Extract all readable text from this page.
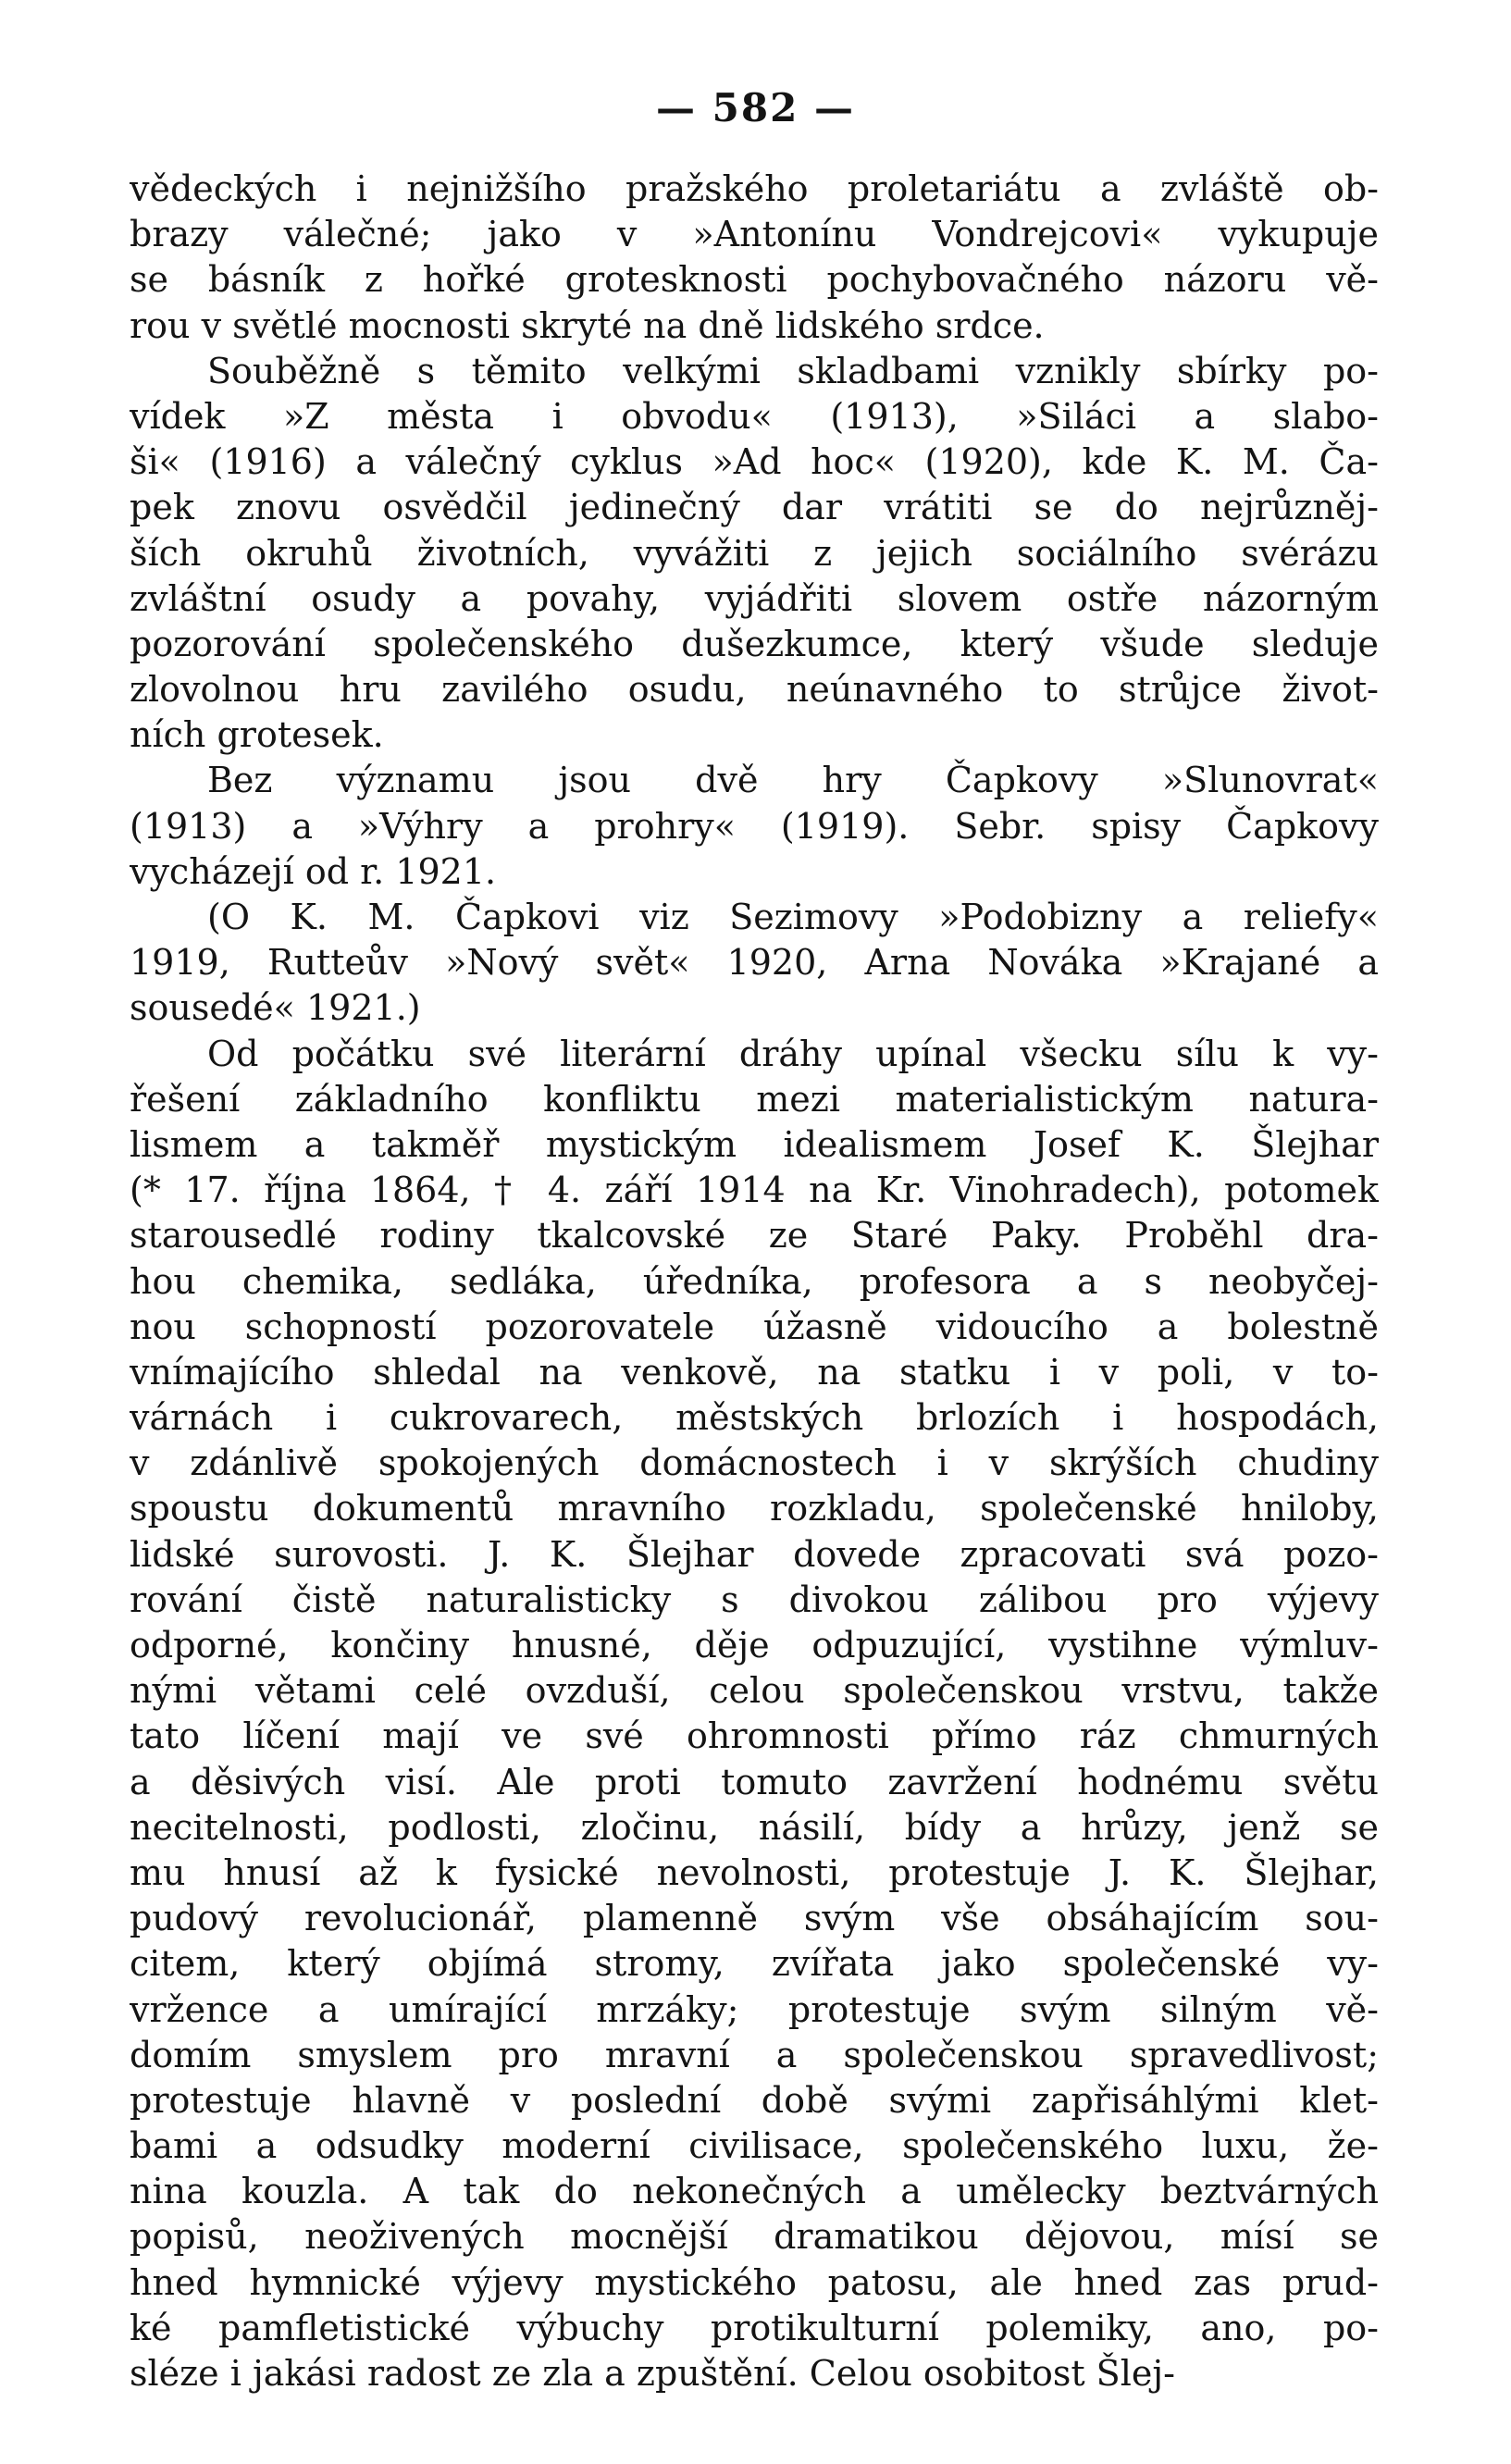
— 582 —
vědeckých i nejnižšího pražského proletariátu a zvláště ob-
brazy válečné; jako v »Antonínu Vondrejcovi« vykupuje
se básník z hořké grotesknosti pochybovačného názoru vě-
rou v světlé mocnosti skryté na dně lidského srdce.
Souběžně s těmito velkými skladbami vznikly sbírky po-
vídek »Z města i obvodu« (1913), »Siláci a slabo-
ši« (1916) a válečný cyklus »Ad hoc« (1920), kde K. M. Ča-
pek znovu osvědčil jedinečný dar vrátiti se do nejrůzněj-
ších okruhů životních, vyvážiti z jejich sociálního svérázu
zvláštní osudy a povahy, vyjádřiti slovem ostře názorným
pozorování společenského dušezkumce, který všude sleduje
zlovolnou hru zavilého osudu, neúnavného to strůjce život-
ních grotesek.
Bez významu jsou dvě hry Čapkovy »Slunovrat«
(1913) a »Výhry a prohry« (1919). Sebr. spisy Čapkovy
vycházejí od r. 1921.
(O K. M. Čapkovi viz Sezimovy »Podobizny a reliefy«
1919, Rutteův »Nový svět« 1920, Arna Nováka »Krajané a
sousedé« 1921.)
Od počátku své literární dráhy upínal všecku sílu k vy-
řešení základního konfliktu mezi materialistickým natura-
lismem a takměř mystickým idealismem Josef K. Šlejhar
(* 17. října 1864, † 4. září 1914 na Kr. Vinohradech), potomek
starousedlé rodiny tkalcovské ze Staré Paky. Proběhl dra-
hou chemika, sedláka, úředníka, profesora a s neobyčej-
nou schopností pozorovatele úžasně vidoucího a bolestně
vnímajícího shledal na venkově, na statku i v poli, v to-
várnách i cukrovarech, městských brlozích i hospodách,
v zdánlivě spokojených domácnostech i v skrýších chudiny
spoustu dokumentů mravního rozkladu, společenské hniloby,
lidské surovosti. J. K. Šlejhar dovede zpracovati svá pozo-
rování čistě naturalisticky s divokou zálibou pro výjevy
odporné, končiny hnusné, děje odpuzující, vystihne výmluv-
nými větami celé ovzduší, celou společenskou vrstvu, takže
tato líčení mají ve své ohromnosti přímo ráz chmurných
a děsivých visí. Ale proti tomuto zavržení hodnému světu
necitelnosti, podlosti, zločinu, násilí, bídy a hrůzy, jenž se
mu hnusí až k fysické nevolnosti, protestuje J. K. Šlejhar,
pudový revolucionář, plamenně svým vše obsáhajícím sou-
citem, který objímá stromy, zvířata jako společenské vy-
vržence a umírající mrzáky; protestuje svým silným vě-
domím smyslem pro mravní a společenskou spravedlivost;
protestuje hlavně v poslední době svými zapřisáhlými klet-
bami a odsudky moderní civilisace, společenského luxu, že-
nina kouzla. A tak do nekonečných a umělecky beztvárných
popisů, neoživených mocnější dramatikou dějovou, mísí se
hned hymnické výjevy mystického patosu, ale hned zas prud-
ké pamfletistické výbuchy protikulturní polemiky, ano, po-
sléze i jakási radost ze zla a zpuštění. Celou osobitost Šlej-
